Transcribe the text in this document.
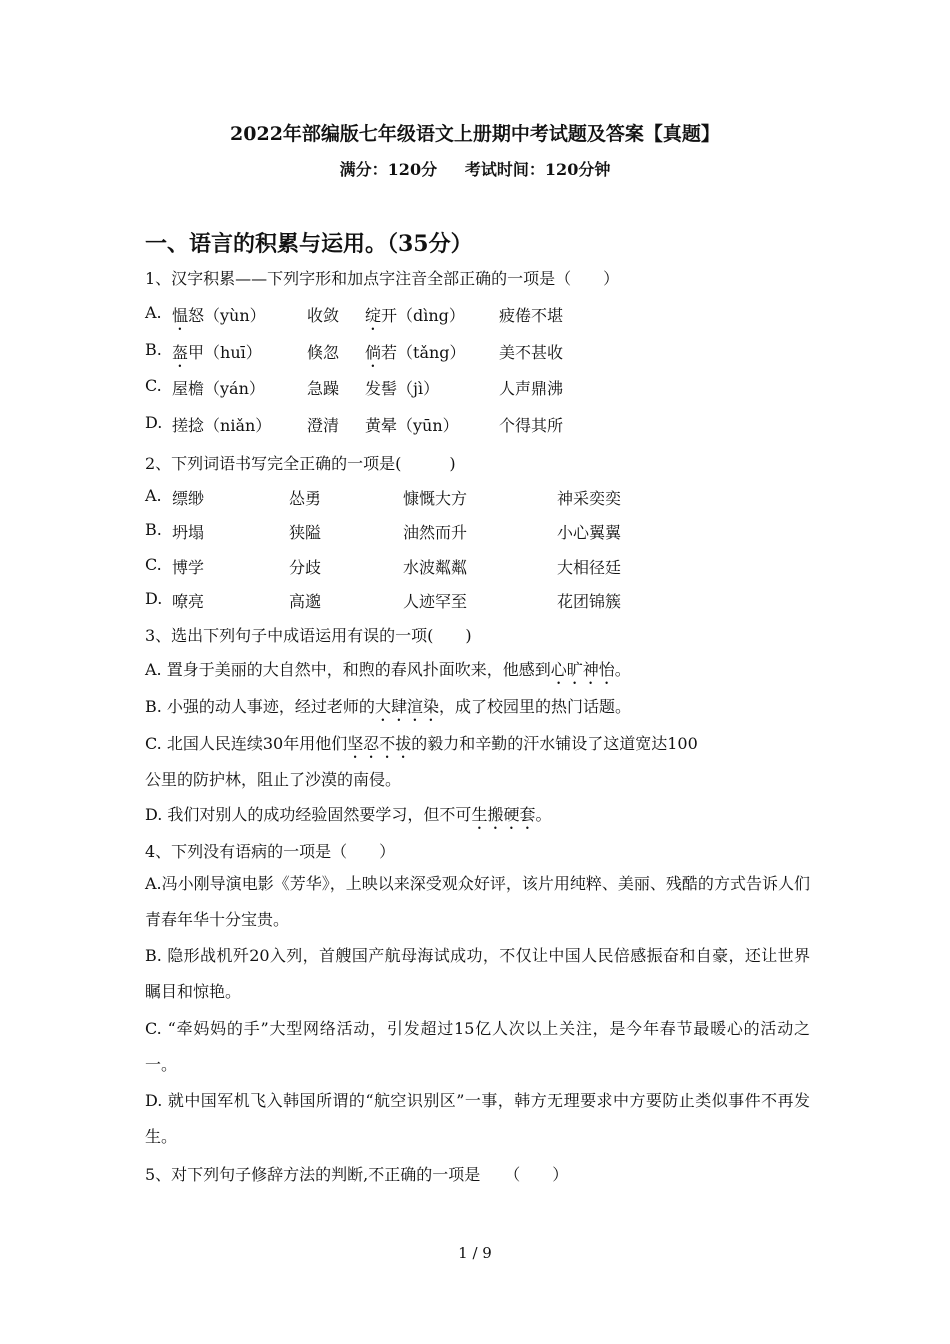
2022年部编版七年级语文上册期中考试题及答案【真题】
满分：120分     考试时间：120分钟
一、语言的积累与运用。（35分）
1、汉字积累——下列字形和加点字注音全部正确的一项是（　　）
A. 愠怒（yùn）	收敛 绽开（dìng） 疲倦不堪
B. 盔甲（huī）	倏忽 倘若（tǎng） 美不甚收
C. 屋檐（yán）	急躁 发髻（jì）	人声鼎沸
D. 搓捻（niǎn） 澄清 黄晕（yūn）	个得其所
2、下列词语书写完全正确的一项是(　　　)
A. 缥缈	怂勇	慷慨大方	神采奕奕
B. 坍塌	狭隘	油然而升	小心翼翼
C. 博学	分歧	水波粼粼	大相径廷
D. 嘹亮	高邈	人迹罕至	花团锦簇
3、选出下列句子中成语运用有误的一项(　　)
A. 置身于美丽的大自然中，和煦的春风扑面吹来，他感到心旷神怡。
B. 小强的动人事迹，经过老师的大肆渲染，成了校园里的热门话题。
C. 北国人民连续30年用他们坚忍不拔的毅力和辛勤的汗水铺设了这道宽达100
公里的防护林，阻止了沙漠的南侵。
D. 我们对别人的成功经验固然要学习，但不可生搬硬套。
4、下列没有语病的一项是（　　）
A.冯小刚导演电影《芳华》，上映以来深受观众好评，该片用纯粹、美丽、残酷的方式告诉人们青春年华十分宝贵。
B. 隐形战机歼20入列，首艘国产航母海试成功，不仅让中国人民倍感振奋和自豪，还让世界瞩目和惊艳。
C. “牵妈妈的手”大型网络活动，引发超过15亿人次以上关注，是今年春节最暖心的活动之一。
D. 就中国军机飞入韩国所谓的“航空识别区”一事，韩方无理要求中方要防止类似事件不再发生。
5、对下列句子修辞方法的判断,不正确的一项是　　（　　）
1 / 9
